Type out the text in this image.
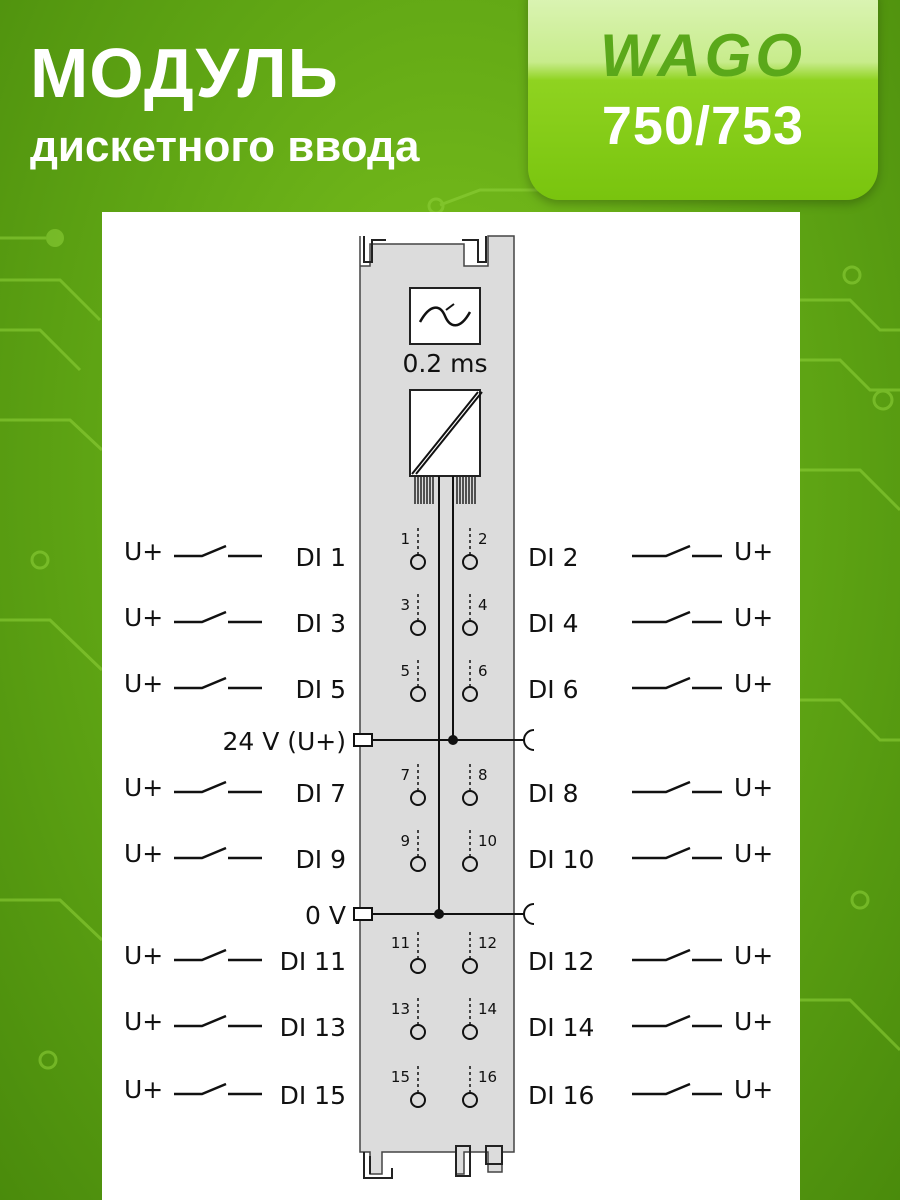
МОДУЛЬ
дискетного ввода
WAGO
750/753
0.2 ms
24 V (U+)
0 V
U+	DI 1
1	2
DI 2	U+
U+	DI 3
3	4
DI 4	U+
U+	DI 5
5	6
DI 6	U+
U+	DI 7
7	8
DI 8	U+
U+	DI 9
9	10
DI 10	U+
U+	DI 11
11	12
DI 12	U+
U+	DI 13
13	14
DI 14	U+
U+	DI 15
15	16
DI 16	U+
